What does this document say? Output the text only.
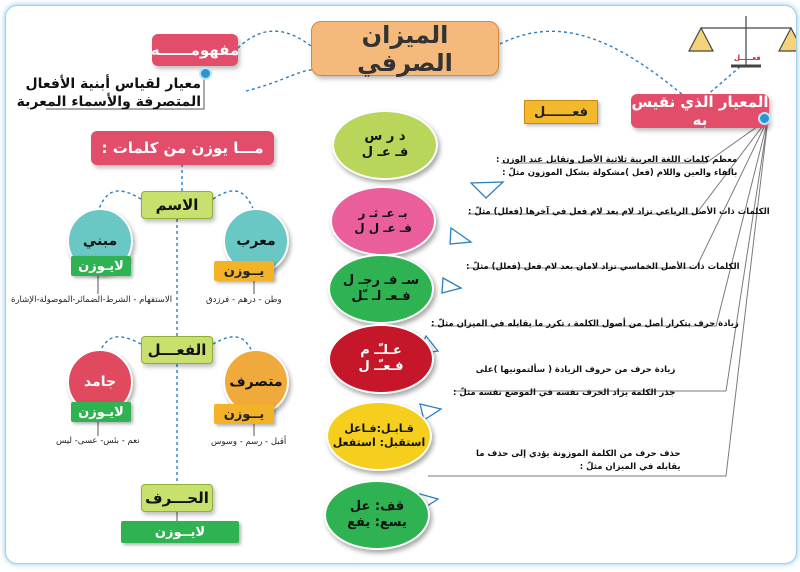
الميزان الصرفي
مفهومــــــه
معيار لقياس أبنية الأفعال
المتصرفة والأسماء المعربة	المعيار الذي نقيس به
فعــــــل
فعـــــل
مـــا يوزن من كلمات :
الاسم
مبني	معرب
لايـوزن	يــوزن
الاستفهام - الشرط-الضمائر-الموصولة-الإشارة	وطن - درهم - فرزدق
الفعـــل
جامد	متصرف
لايـوزن	يــوزن
نعم - بئس- عسى- ليس	أقبل - رسم - وسوس
الحـــرف
لايــوزن
معظم كلمات اللغة العربية ثلاثية الأصل وتقابل عند الوزن :
بالفاء والعين واللام (فعل )مشكولة بشكل الموزون مثلّ :
الكلمات ذات الأصل الرباعي تزاد لام بعد لام فعل في آخرها (فعلل) مثلّ :
الكلمات ذات الأصل الخماسي تزاد لامان بعد لام فعل (فعلل) مثلّ :
زيادة حرف بتكرار أصل من أصول الكلمة ، تكرر ما يقابله في الميزان مثلّ :
زيادة حرف من حروف الزيادة ( سألتمونيها )على
جذر الكلمة يزاد الحرف نفسه في الموضع نفسه مثلّ :
حذف حرف من الكلمة الموزونة يؤدي إلى حذف ما
يقابله في الميزان مثلّ :
د ر س
فـ عـ ل
بـ عـ ثـ ر
فـ عـ ل ل
سـ فـ رجـ ل
فـعـ لـ ـّل
عـلـّـ م
فـعـّـ ل
قـابـل:فـاعل
استقبل: استفعل
قف: عل
يسع: يفع
